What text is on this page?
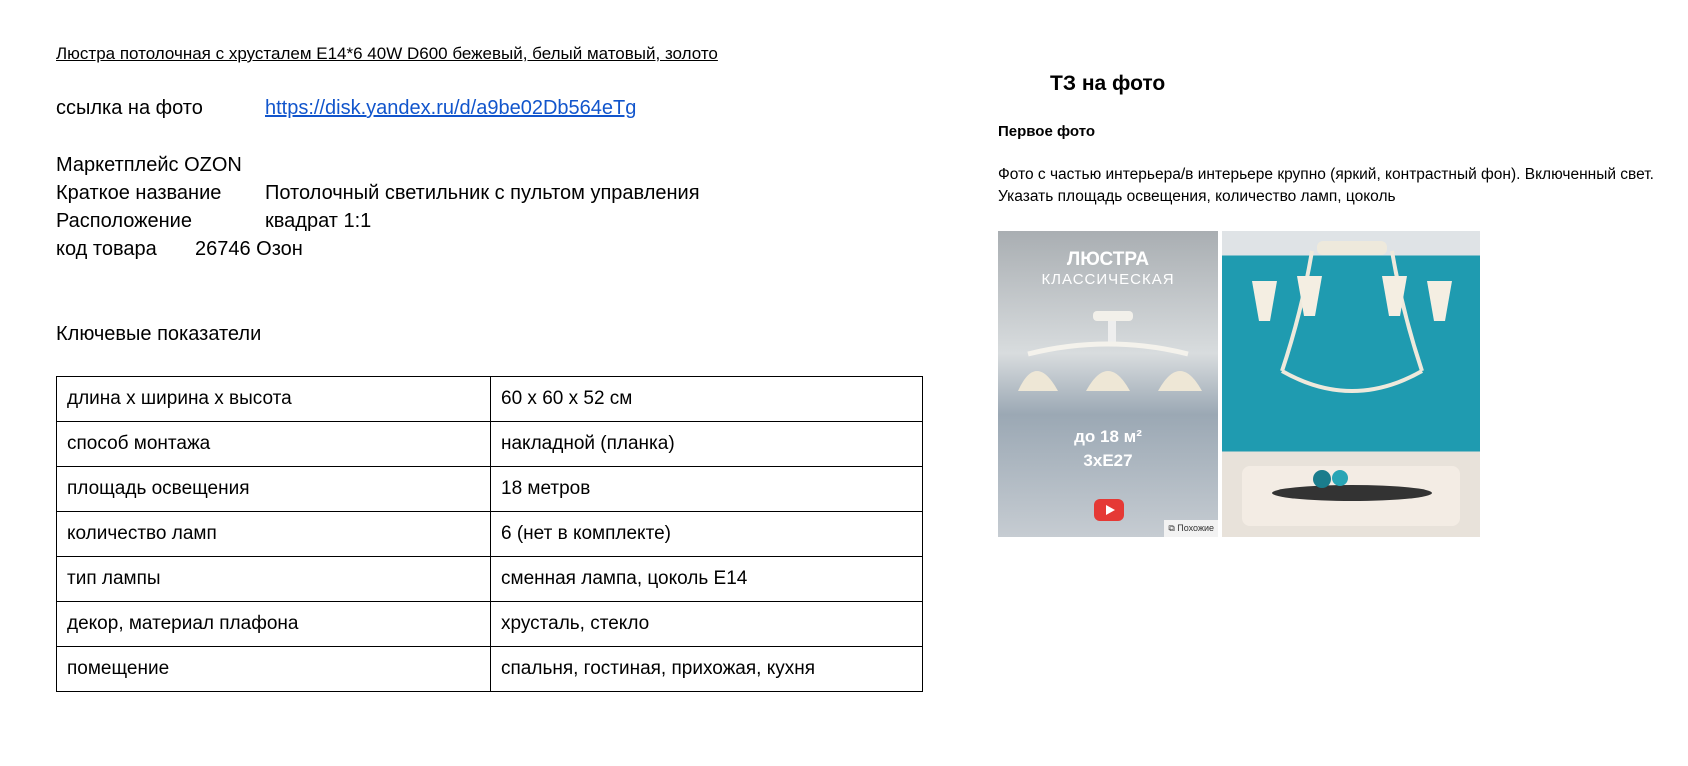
Люстра потолочная с хрусталем E14*6 40W D600 бежевый, белый матовый, золото
ссылка на фото	https://disk.yandex.ru/d/a9be02Db564eTg
Маркетплейс OZON
Краткое название Потолочный светильник с пультом управления
Расположение	квадрат 1:1
код товара 26746 Озон
Ключевые показатели
длина х ширина х высота	60 х 60 х 52 см
способ монтажа	накладной (планка)
площадь освещения	18 метров
количество ламп	6 (нет в комплекте)
тип лампы	сменная лампа, цоколь Е14
декор, материал плафона	хрусталь, стекло
помещение	спальня, гостиная, прихожая, кухня
ТЗ на фото
Первое фото
Фото с частью интерьера/в интерьере крупно (яркий, контрастный фон). Включенный свет. Указать площадь освещения, количество ламп, цоколь
ЛЮСТРА
КЛАССИЧЕСКАЯ
до 18 м²
3xE27
⧉ Похожие
